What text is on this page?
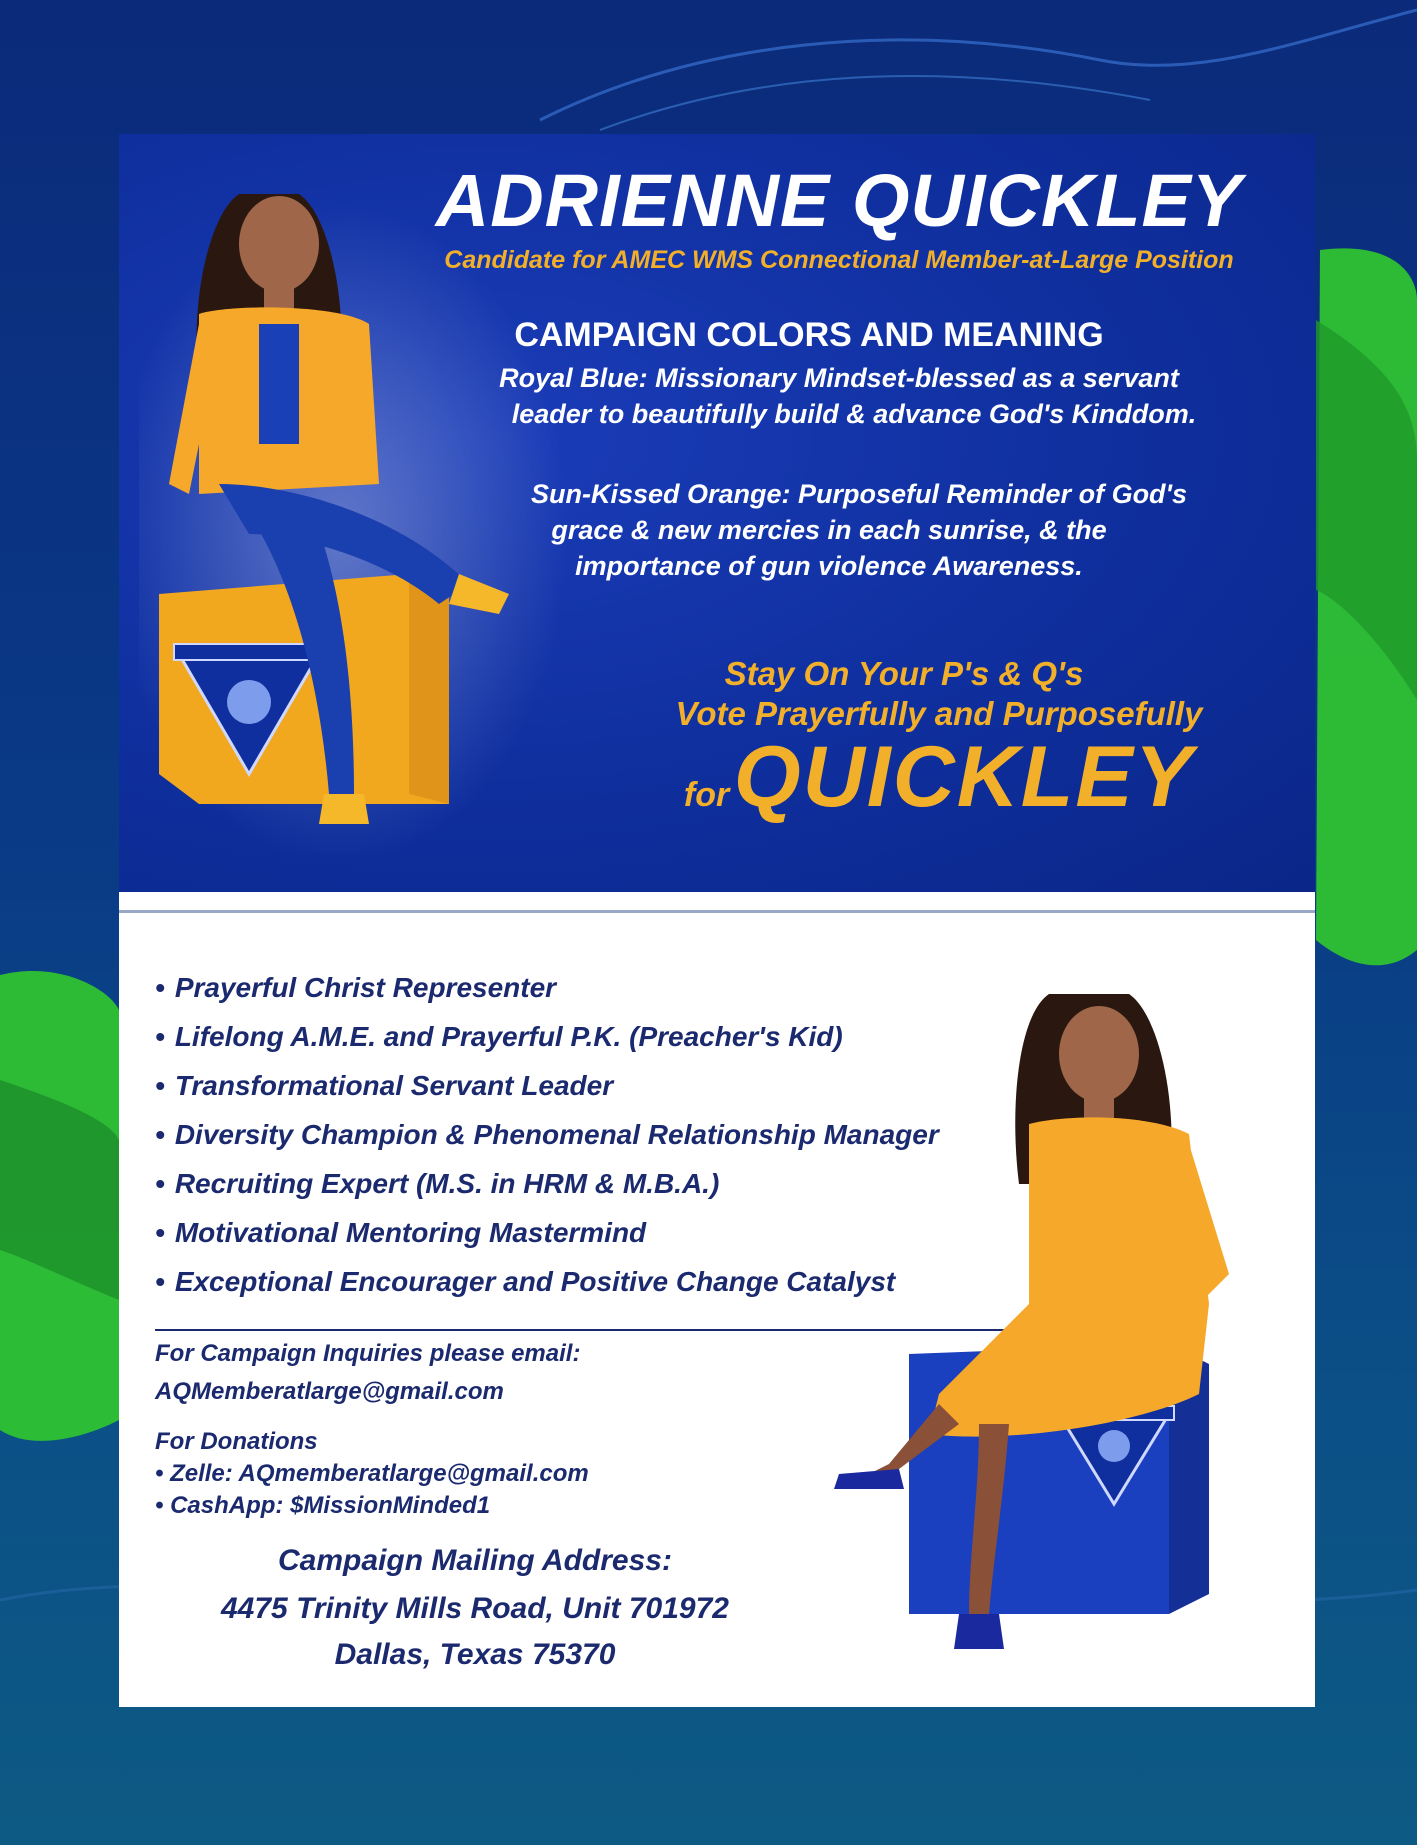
ADRIENNE QUICKLEY

Candidate for AMEC WMS Connectional Member-at-Large Position

CAMPAIGN COLORS AND MEANING
Royal Blue: Missionary Mindset-blessed as a servant
leader to beautifully build & advance God's Kinddom.
Sun-Kissed Orange: Purposeful Reminder of God's
grace & new mercies in each sunrise, & the
importance of gun violence Awareness.
Stay On Your P's & Q's
Vote Prayerfully and Purposefully

for QUICKLEY

• Prayerful Christ Representer
• Lifelong A.M.E. and Prayerful P.K. (Preacher's Kid)
• Transformational Servant Leader
• Diversity Champion & Phenomenal Relationship Manager
• Recruiting Expert (M.S. in HRM & M.B.A.)
• Motivational Mentoring Mastermind
• Exceptional Encourager and Positive Change Catalyst

For Campaign Inquiries please email:

AQMemberatlarge@gmail.com

For Donations

• Zelle: AQmemberatlarge@gmail.com

• CashApp: $MissionMinded1

Campaign Mailing Address:

4475 Trinity Mills Road, Unit 701972

Dallas, Texas 75370
